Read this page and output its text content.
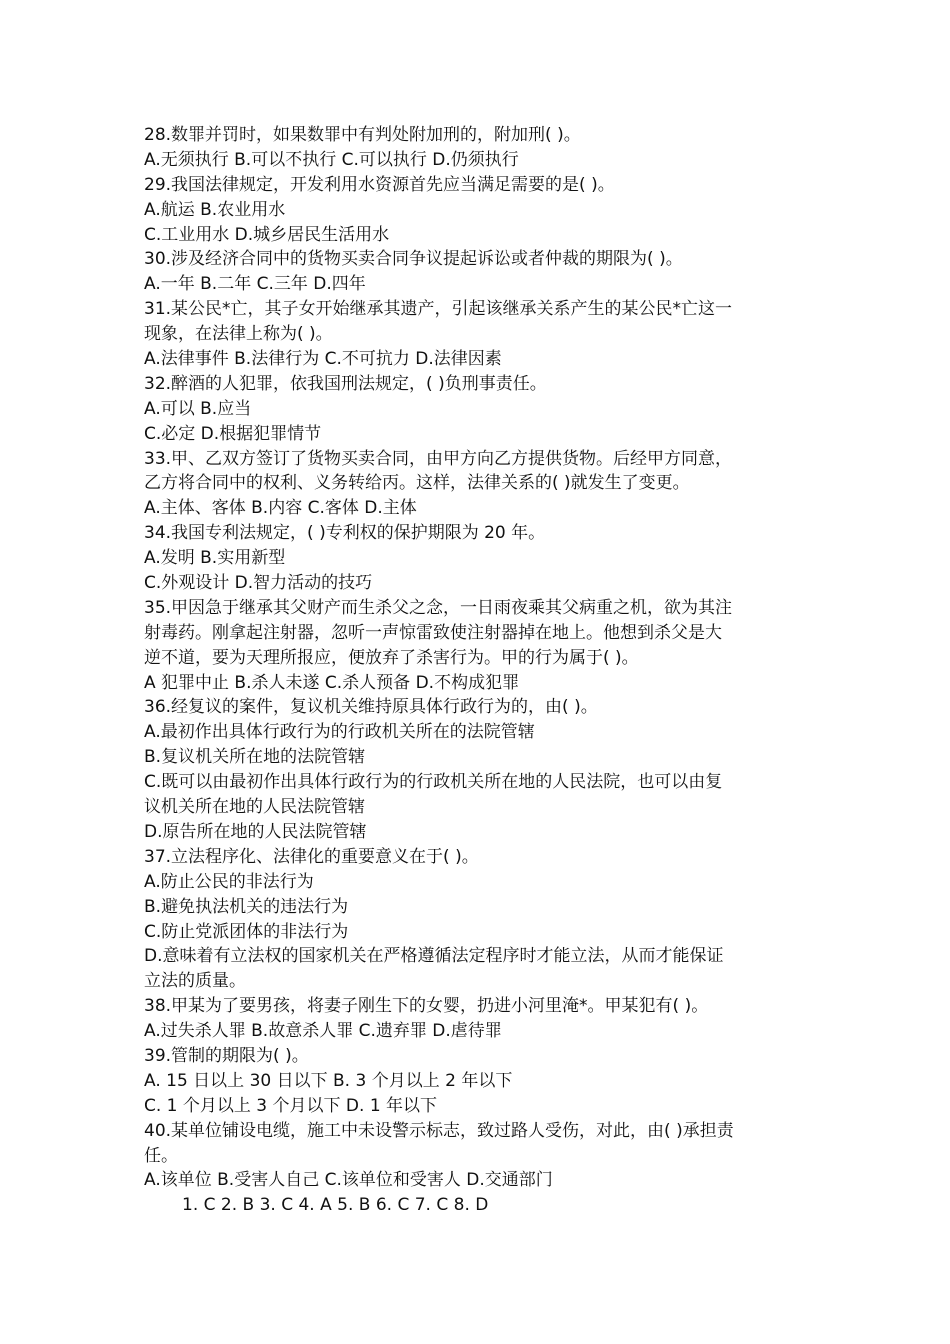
28.数罪并罚时，如果数罪中有判处附加刑的，附加刑( )。
A.无须执行 B.可以不执行 C.可以执行 D.仍须执行
29.我国法律规定，开发利用水资源首先应当满足需要的是( )。
A.航运 B.农业用水
C.工业用水 D.城乡居民生活用水
30.涉及经济合同中的货物买卖合同争议提起诉讼或者仲裁的期限为( )。
A.一年 B.二年 C.三年 D.四年
31.某公民*亡，其子女开始继承其遗产，引起该继承关系产生的某公民*亡这一
现象，在法律上称为( )。
A.法律事件 B.法律行为 C.不可抗力 D.法律因素
32.醉酒的人犯罪，依我国刑法规定，( )负刑事责任。
A.可以 B.应当
C.必定 D.根据犯罪情节
33.甲、乙双方签订了货物买卖合同，由甲方向乙方提供货物。后经甲方同意，
乙方将合同中的权利、义务转给丙。这样，法律关系的( )就发生了变更。
A.主体、客体 B.内容 C.客体 D.主体
34.我国专利法规定，( )专利权的保护期限为 20 年。
A.发明 B.实用新型
C.外观设计 D.智力活动的技巧
35.甲因急于继承其父财产而生杀父之念，一日雨夜乘其父病重之机，欲为其注
射毒药。刚拿起注射器，忽听一声惊雷致使注射器掉在地上。他想到杀父是大
逆不道，要为天理所报应，便放弃了杀害行为。甲的行为属于( )。
A 犯罪中止 B.杀人未遂 C.杀人预备 D.不构成犯罪
36.经复议的案件，复议机关维持原具体行政行为的，由( )。
A.最初作出具体行政行为的行政机关所在的法院管辖
B.复议机关所在地的法院管辖
C.既可以由最初作出具体行政行为的行政机关所在地的人民法院，也可以由复
议机关所在地的人民法院管辖
D.原告所在地的人民法院管辖
37.立法程序化、法律化的重要意义在于( )。
A.防止公民的非法行为
B.避免执法机关的违法行为
C.防止党派团体的非法行为
D.意味着有立法权的国家机关在严格遵循法定程序时才能立法，从而才能保证
立法的质量。
38.甲某为了要男孩，将妻子刚生下的女婴，扔进小河里淹*。甲某犯有( )。
A.过失杀人罪 B.故意杀人罪 C.遗弃罪 D.虐待罪
39.管制的期限为( )。
A. 15 日以上 30 日以下 B. 3 个月以上 2 年以下
C. 1 个月以上 3 个月以下 D. 1 年以下
40.某单位铺设电缆，施工中未设警示标志，致过路人受伤，对此，由( )承担责
任。
A.该单位 B.受害人自己 C.该单位和受害人 D.交通部门
1. C 2. B 3. C 4. A 5. B 6. C 7. C 8. D
